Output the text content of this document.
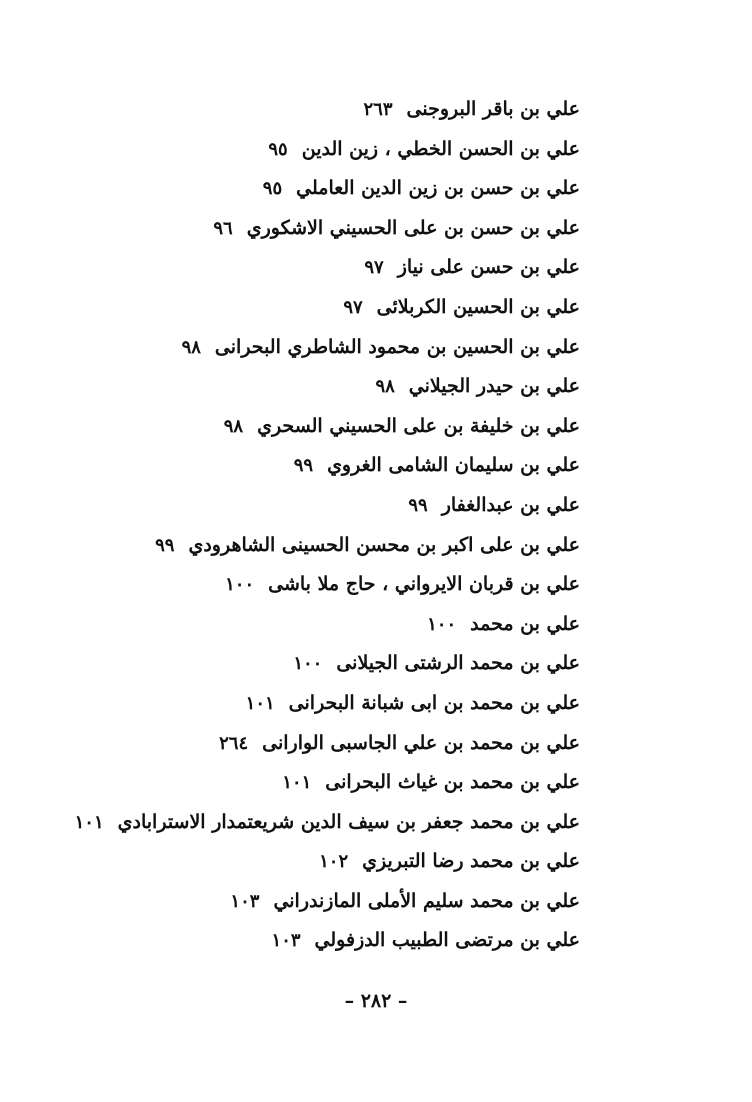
علي بن باقر البروجنى٢٦٣
علي بن الحسن الخطي ، زين الدين٩٥
علي بن حسن بن زين الدين العاملي٩٥
علي بن حسن بن على الحسيني الاشكوري٩٦
علي بن حسن على نياز٩٧
علي بن الحسين الكربلائى٩٧
علي بن الحسين بن محمود الشاطري البحرانى٩٨
علي بن حيدر الجيلاني٩٨
علي بن خليفة بن على الحسيني السحري٩٨
علي بن سليمان الشامى الغروي٩٩
علي بن عبدالغفار٩٩
علي بن على اكبر بن محسن الحسينى الشاهرودي٩٩
علي بن قربان الايرواني ، حاج ملا باشى١٠٠
علي بن محمد١٠٠
علي بن محمد الرشتى الجيلانى١٠٠
علي بن محمد بن ابى شبانة البحرانى١٠١
علي بن محمد بن علي الجاسبى الوارانى٢٦٤
علي بن محمد بن غياث البحرانى١٠١
علي بن محمد جعفر بن سيف الدين شريعتمدار الاسترابادي١٠١
علي بن محمد رضا التبريزي١٠٢
علي بن محمد سليم الأملى المازندراني١٠٣
علي بن مرتضى الطبيب الدزفولي١٠٣
– ٢٨٢ –
